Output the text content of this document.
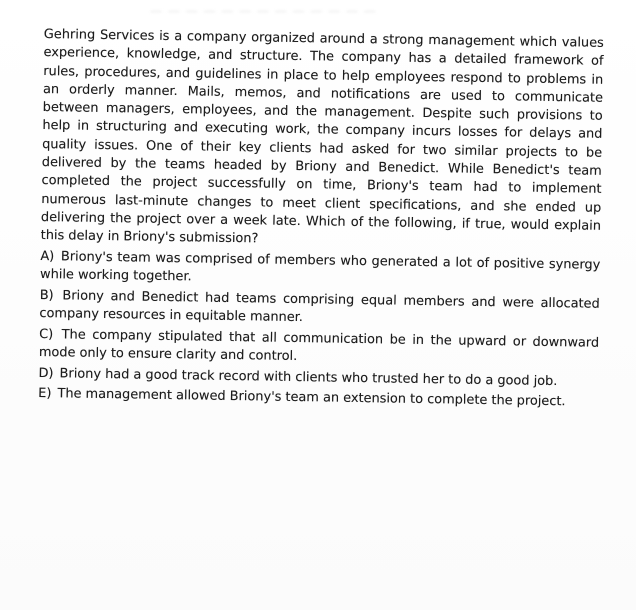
— — — — — — — — — — — — —

Gehring Services is a company organized around a strong management which values experience, knowledge, and structure. The company has a detailed framework of rules, procedures, and guidelines in place to help employees respond to problems in an orderly manner. Mails, memos, and notifications are used to communicate between managers, employees, and the management. Despite such provisions to help in structuring and executing work, the company incurs losses for delays and quality issues. One of their key clients had asked for two similar projects to be delivered by the teams headed by Briony and Benedict. While Benedict's team completed the project successfully on time, Briony's team had to implement numerous last-minute changes to meet client specifications, and she ended up delivering the project over a week late. Which of the following, if true, would explain this delay in Briony's submission?

A) Briony's team was comprised of members who generated a lot of positive synergy while working together.
B) Briony and Benedict had teams comprising equal members and were allocated company resources in equitable manner.
C) The company stipulated that all communication be in the upward or downward mode only to ensure clarity and control.
D) Briony had a good track record with clients who trusted her to do a good job.
E) The management allowed Briony's team an extension to complete the project.
